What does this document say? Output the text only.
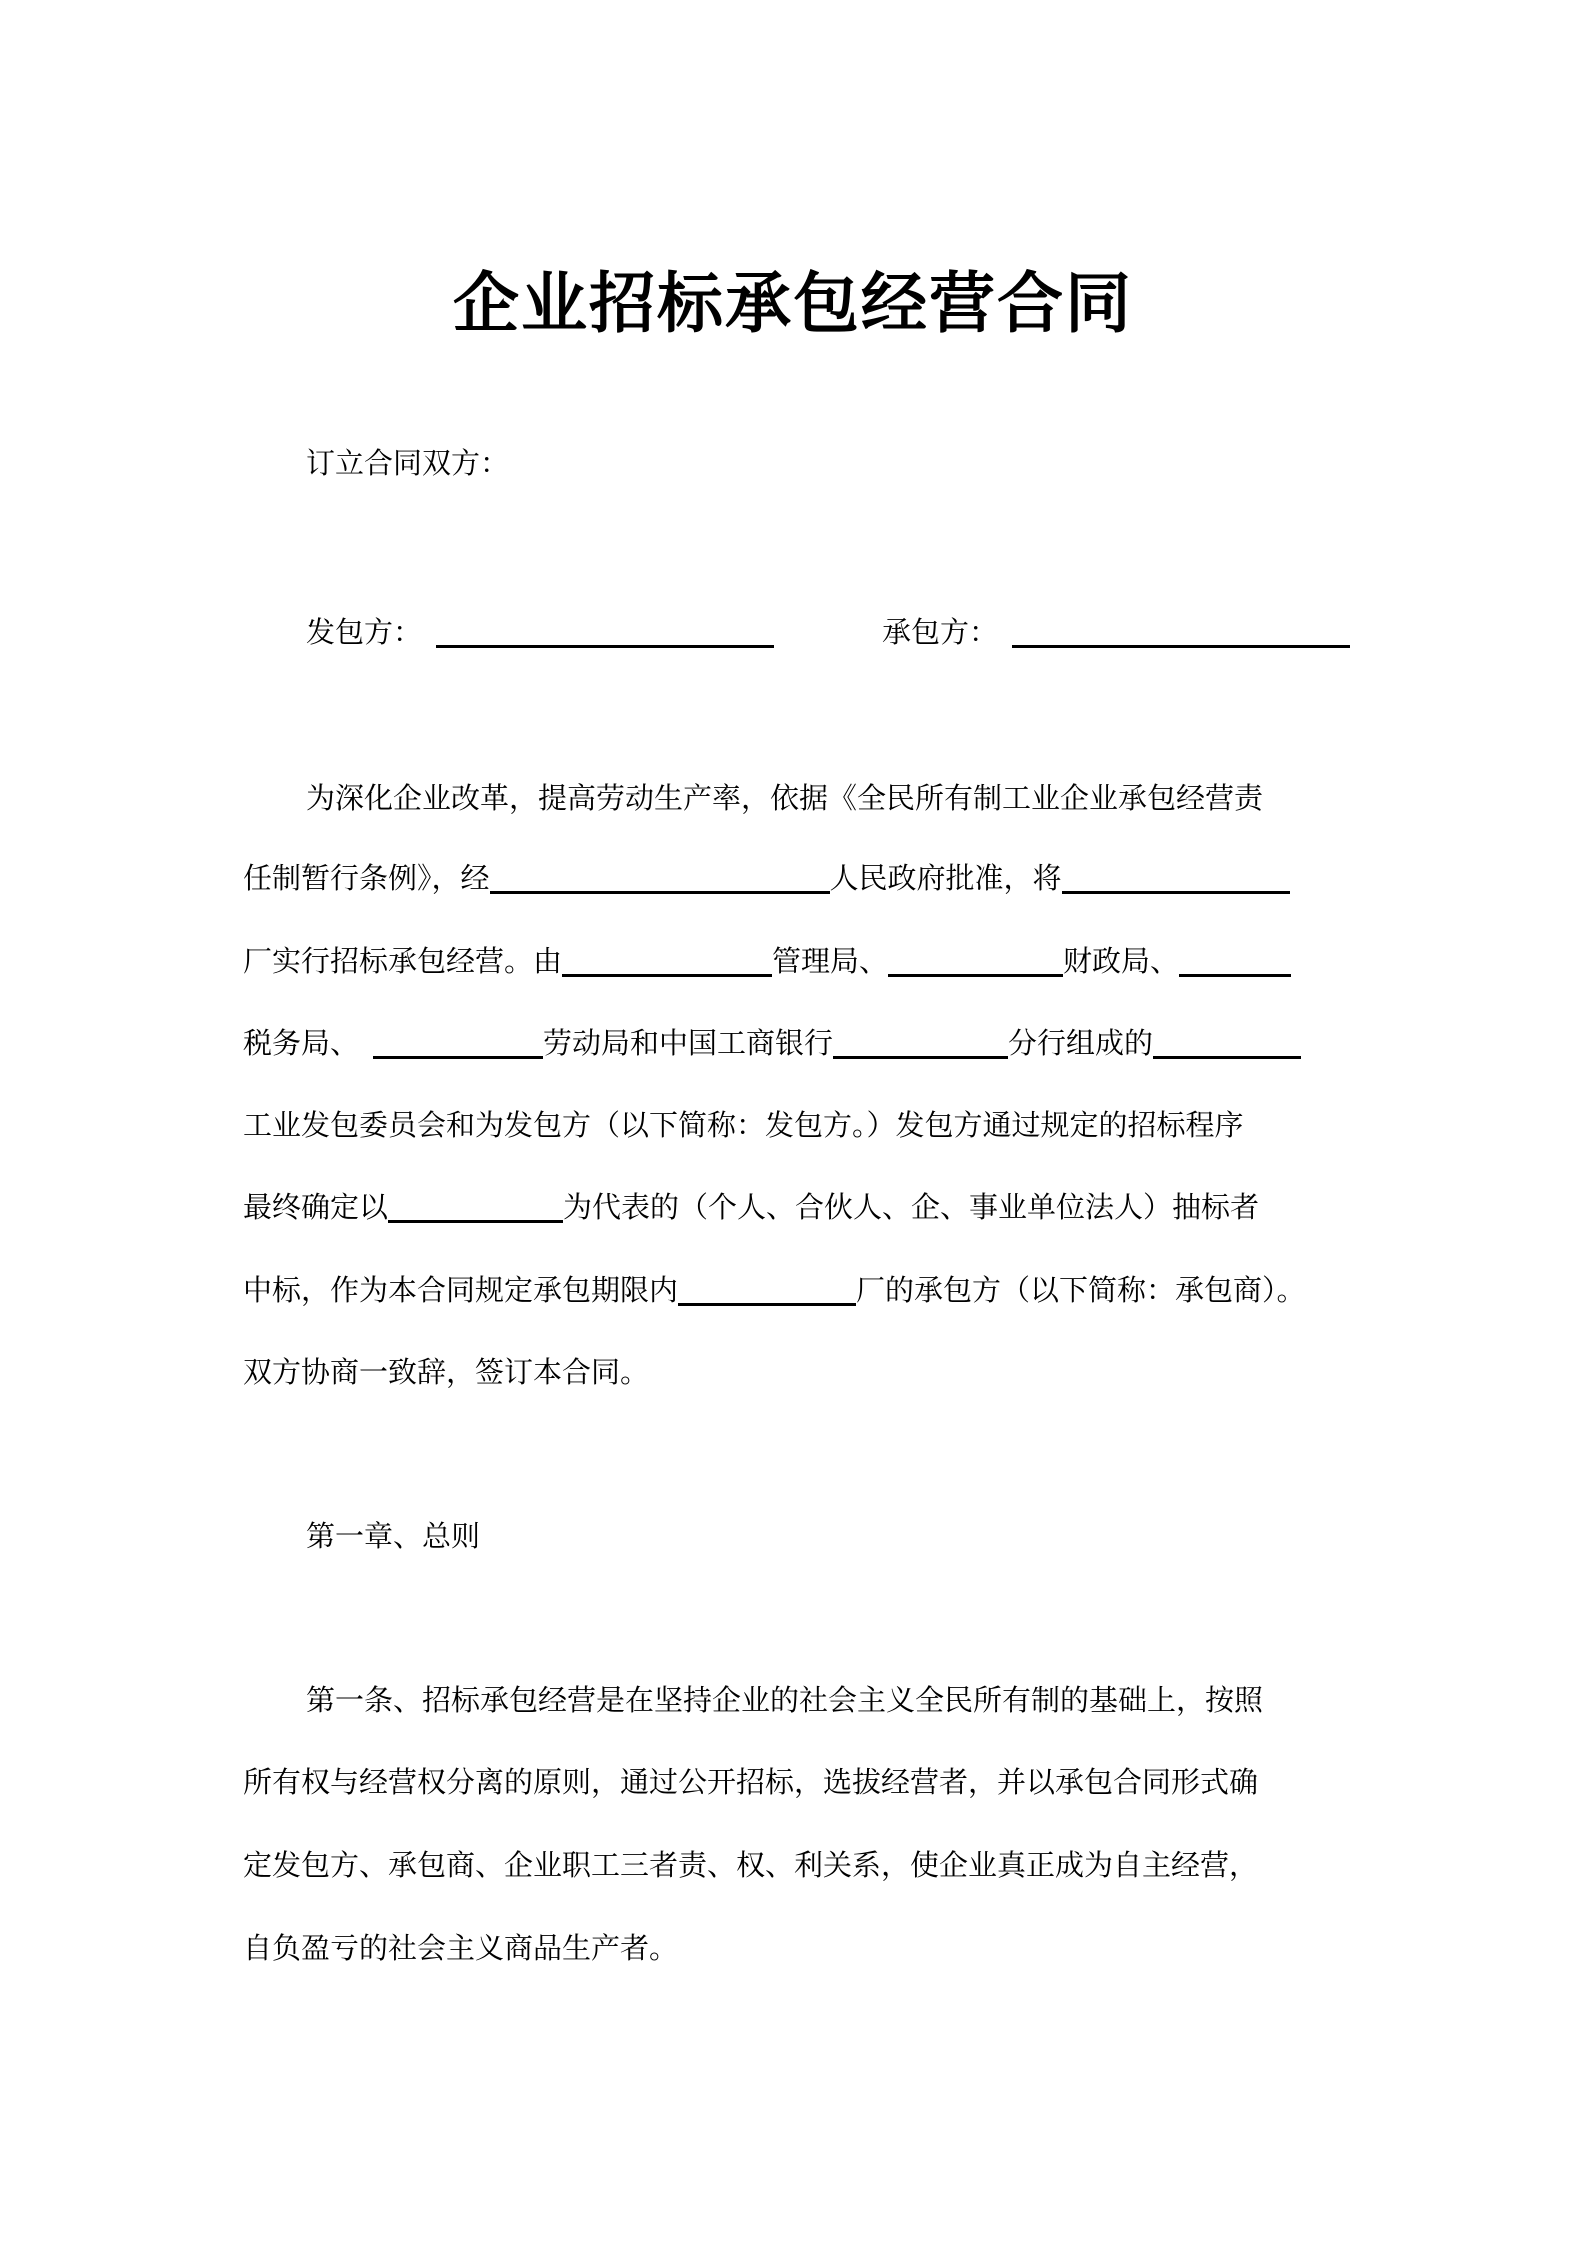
企业招标承包经营合同
订立合同双方：
发包方：	承包方：
为深化企业改革，提高劳动生产率，依据《全民所有制工业企业承包经营责
任制暂行条例》，经	人民政府批准，将
厂实行招标承包经营。由	管理局、	财政局、
税务局、	劳动局和中国工商银行	分行组成的
工业发包委员会和为发包方（以下简称：发包方。）发包方通过规定的招标程序
最终确定以	为代表的（个人、合伙人、企、事业单位法人）抽标者
中标，作为本合同规定承包期限内	厂的承包方（以下简称：承包商）。
双方协商一致辞，签订本合同。
第一章、总则
第一条、招标承包经营是在坚持企业的社会主义全民所有制的基础上，按照
所有权与经营权分离的原则，通过公开招标，选拔经营者，并以承包合同形式确
定发包方、承包商、企业职工三者责、权、利关系，使企业真正成为自主经营，
自负盈亏的社会主义商品生产者。
